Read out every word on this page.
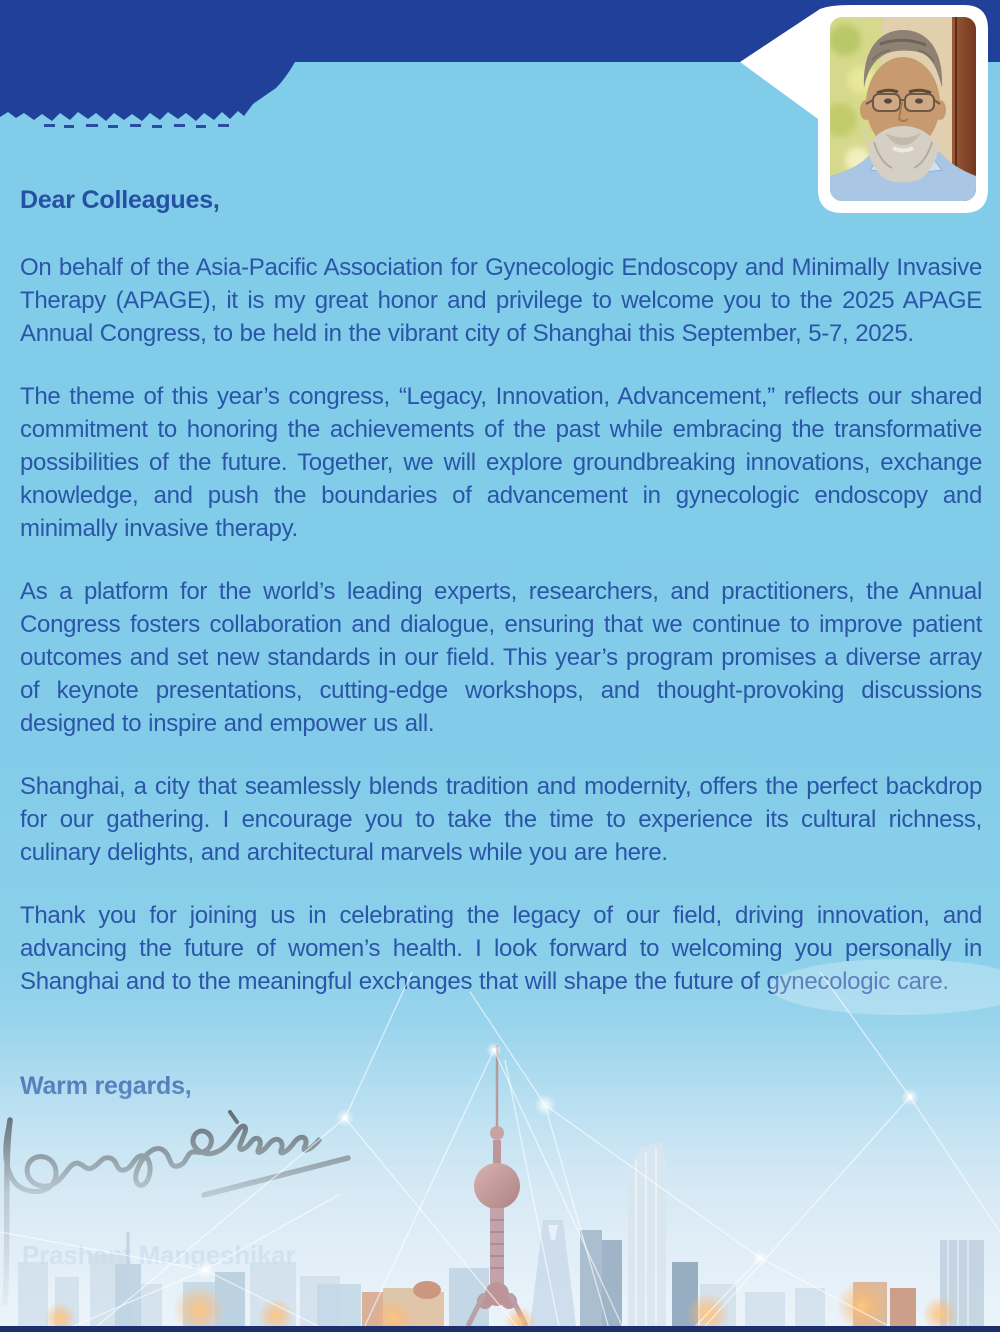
Dear Colleagues,

On behalf of the Asia-Pacific Association for Gynecologic Endoscopy and Minimally Invasive Therapy (APAGE), it is my great honor and privilege to welcome you to the 2025 APAGE Annual Congress, to be held in the vibrant city of Shanghai this September, 5-7, 2025.

The theme of this year’s congress, “Legacy, Innovation, Advancement,” reflects our shared commitment to honoring the achievements of the past while embracing the transformative possibilities of the future. Together, we will explore groundbreaking innovations, exchange knowledge, and push the boundaries of advancement in gynecologic endoscopy and minimally invasive therapy.

As a platform for the world’s leading experts, researchers, and practitioners, the Annual Congress fosters collaboration and dialogue, ensuring that we continue to improve patient outcomes and set new standards in our field. This year’s program promises a diverse array of keynote presentations, cutting-edge workshops, and thought-provoking discussions designed to inspire and empower us all.

Shanghai, a city that seamlessly blends tradition and modernity, offers the perfect backdrop for our gathering. I encourage you to take the time to experience its cultural richness, culinary delights, and architectural marvels while you are here.

Thank you for joining us in celebrating the legacy of our field, driving innovation, and advancing the future of women’s health. I look forward to welcoming you personally in Shanghai and to the meaningful exchanges that will shape the future of gynecologic care.
